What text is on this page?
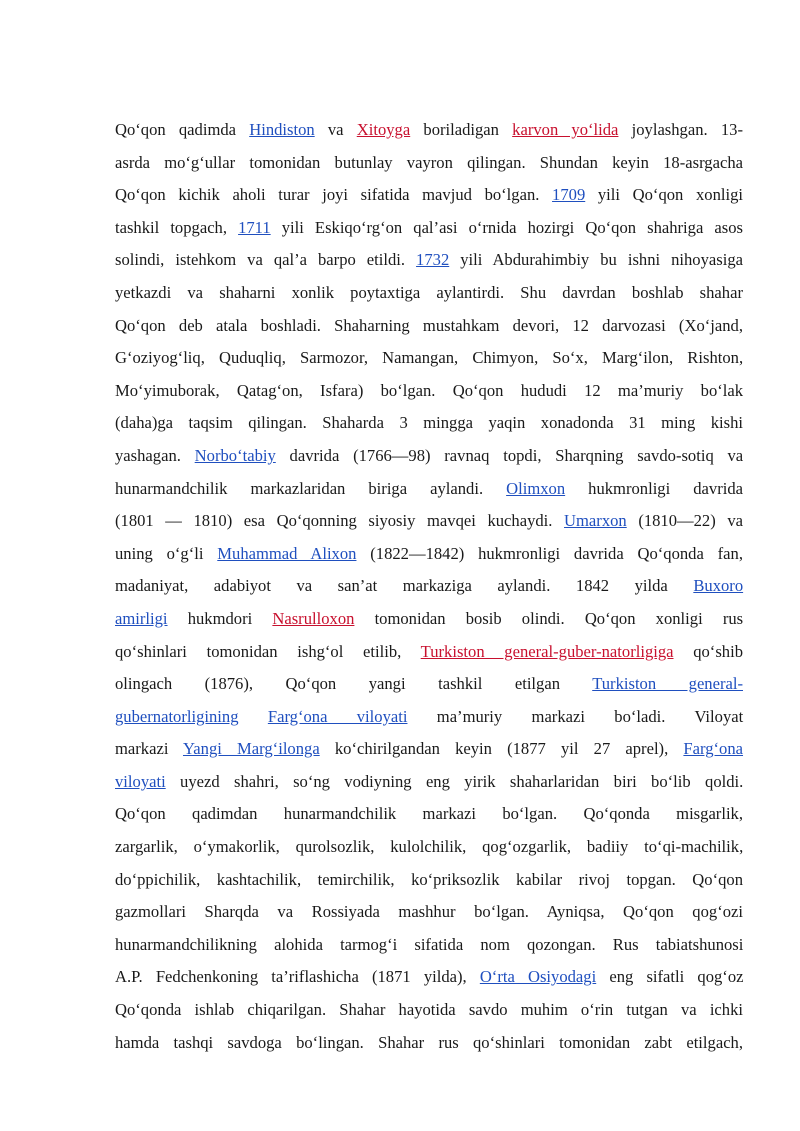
Qo‘qon qadimda Hindiston va Xitoyga boriladigan karvon yo‘lida joylashgan. 13-
asrda mo‘g‘ullar tomonidan butunlay vayron qilingan. Shundan keyin 18-asrgacha
Qo‘qon kichik aholi turar joyi sifatida mavjud bo‘lgan. 1709 yili Qo‘qon xonligi
tashkil topgach, 1711 yili Eskiqo‘rg‘on qal’asi o‘rnida hozirgi Qo‘qon shahriga asos
solindi, istehkom va qal’a barpo etildi. 1732 yili Abdurahimbiy bu ishni nihoyasiga
yetkazdi va shaharni xonlik poytaxtiga aylantirdi. Shu davrdan boshlab shahar
Qo‘qon deb atala boshladi. Shaharning mustahkam devori, 12 darvozasi (Xo‘jand,
G‘oziyog‘liq, Quduqliq, Sarmozor, Namangan, Chimyon, So‘x, Marg‘ilon, Rishton,
Mo‘yimuborak, Qatag‘on, Isfara) bo‘lgan. Qo‘qon hududi 12 ma’muriy bo‘lak
(daha)ga taqsim qilingan. Shaharda 3 mingga yaqin xonadonda 31 ming kishi
yashagan. Norbo‘tabiy davrida (1766—98) ravnaq topdi, Sharqning savdo-sotiq va
hunarmandchilik markazlaridan biriga aylandi. Olimxon hukmronligi davrida
(1801 — 1810) esa Qo‘qonning siyosiy mavqei kuchaydi. Umarxon (1810—22) va
uning o‘g‘li Muhammad Alixon (1822—1842) hukmronligi davrida Qo‘qonda fan,
madaniyat, adabiyot va san’at markaziga aylandi. 1842 yilda Buxoro
amirligi hukmdori Nasrulloxon tomonidan bosib olindi. Qo‘qon xonligi rus
qo‘shinlari tomonidan ishg‘ol etilib, Turkiston general-guber-natorligiga qo‘shib
olingach (1876), Qo‘qon yangi tashkil etilgan Turkiston general-
gubernatorligining Farg‘ona viloyati ma’muriy markazi bo‘ladi. Viloyat
markazi Yangi Marg‘ilonga ko‘chirilgandan keyin (1877 yil 27 aprel), Farg‘ona
viloyati uyezd shahri, so‘ng vodiyning eng yirik shaharlaridan biri bo‘lib qoldi.
Qo‘qon qadimdan hunarmandchilik markazi bo‘lgan. Qo‘qonda misgarlik,
zargarlik, o‘ymakorlik, qurolsozlik, kulolchilik, qog‘ozgarlik, badiiy to‘qi-machilik,
do‘ppichilik, kashtachilik, temirchilik, ko‘priksozlik kabilar rivoj topgan. Qo‘qon
gazmollari Sharqda va Rossiyada mashhur bo‘lgan. Ayniqsa, Qo‘qon qog‘ozi
hunarmandchilikning alohida tarmog‘i sifatida nom qozongan. Rus tabiatshunosi
A.P. Fedchenkoning ta’riflashicha (1871 yilda), O‘rta Osiyodagi eng sifatli qog‘oz
Qo‘qonda ishlab chiqarilgan. Shahar hayotida savdo muhim o‘rin tutgan va ichki
hamda tashqi savdoga bo‘lingan. Shahar rus qo‘shinlari tomonidan zabt etilgach,
